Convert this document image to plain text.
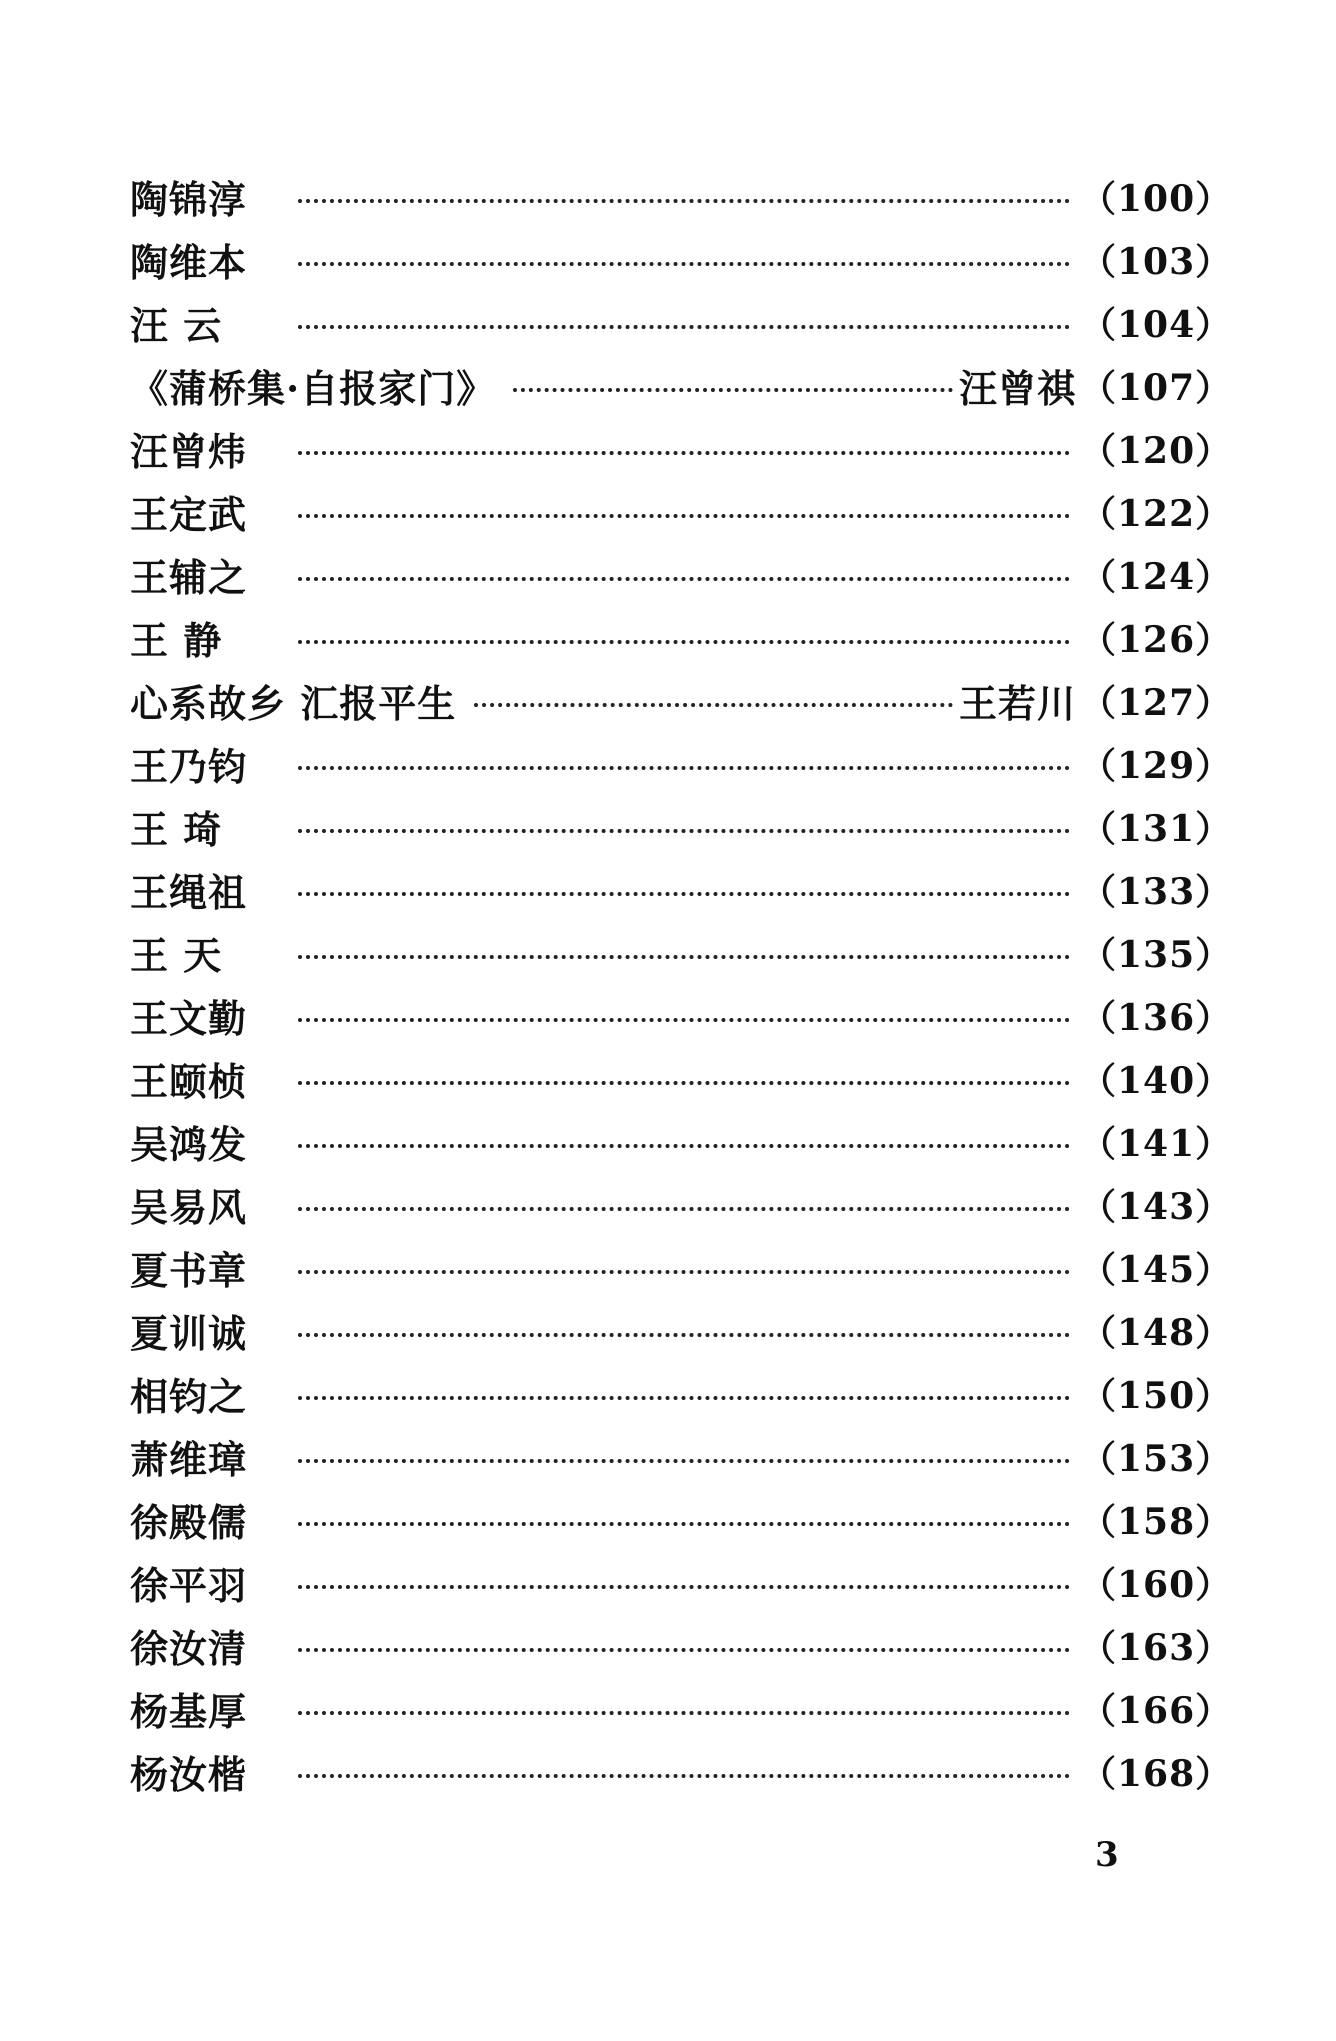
陶锦淳	（100）
陶维本	（103）
汪 云	（104）
《蒲桥集·自报家门》	汪曾祺 （107）
汪曾炜	（120）
王定武	（122）
王辅之	（124）
王 静	（126）
心系故乡 汇报平生	王若川 （127）
王乃钧	（129）
王 琦	（131）
王绳祖	（133）
王 天	（135）
王文勤	（136）
王颐桢	（140）
吴鸿发	（141）
吴易风	（143）
夏书章	（145）
夏训诚	（148）
相钧之	（150）
萧维璋	（153）
徐殿儒	（158）
徐平羽	（160）
徐汝清	（163）
杨基厚	（166）
杨汝楷	（168）
3
